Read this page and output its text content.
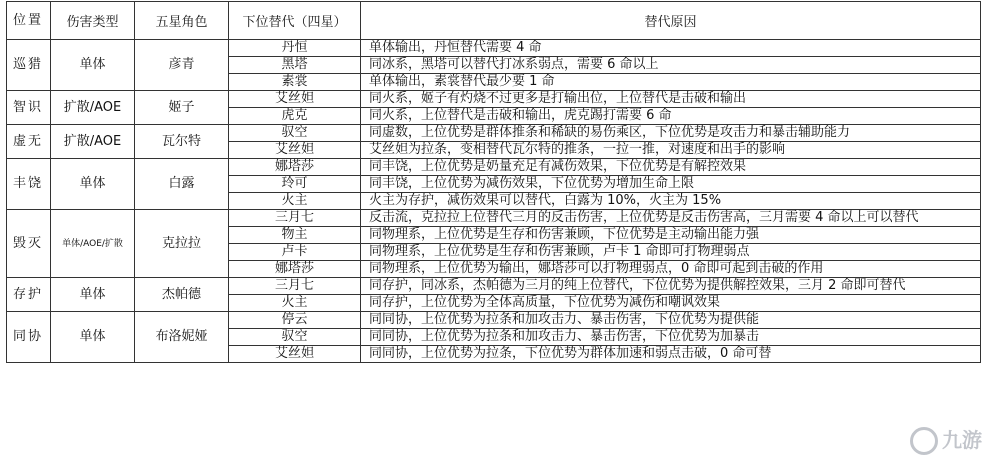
位置	伤害类型	五星角色	下位替代（四星）	替代原因
巡猎	单体	彦青	丹恒	单体输出，丹恒替代需要 4 命
			黑塔	同冰系，黑塔可以替代打冰系弱点，需要 6 命以上
			素裳	单体输出，素裳替代最少要 1 命
智识	扩散/AOE	姬子	艾丝妲	同火系，姬子有灼烧不过更多是打输出位，上位替代是击破和输出
			虎克	同火系，上位替代是击破和输出，虎克踢打需要 6 命
虚无	扩散/AOE	瓦尔特	驭空	同虚数，上位优势是群体推条和稀缺的易伤乘区，下位优势是攻击力和暴击辅助能力
			艾丝妲	艾丝妲为拉条，变相替代瓦尔特的推条，一拉一推，对速度和出手的影响
丰饶	单体	白露	娜塔莎	同丰饶，上位优势是奶量充足有减伤效果，下位优势是有解控效果
			玲可	同丰饶，上位优势为减伤效果，下位优势为增加生命上限
			火主	火主为存护，减伤效果可以替代，白露为 10%，火主为 15%
毁灭	单体/AOE/扩散	克拉拉	三月七	反击流，克拉拉上位替代三月的反击伤害，上位优势是反击伤害高，三月需要 4 命以上可以替代
			物主	同物理系，上位优势是生存和伤害兼顾，下位优势是主动输出能力强
			卢卡	同物理系，上位优势是生存和伤害兼顾，卢卡 1 命即可打物理弱点
			娜塔莎	同物理系，上位优势为输出，娜塔莎可以打物理弱点，0 命即可起到击破的作用
存护	单体	杰帕德	三月七	同存护，同冰系，杰帕德为三月的纯上位替代，下位优势为提供解控效果，三月 2 命即可替代
			火主	同存护，上位优势为全体高质量，下位优势为减伤和嘲讽效果
同协	单体	布洛妮娅	停云	同同协，上位优势为拉条和加攻击力、暴击伤害，下位优势为提供能
			驭空	同同协，上位优势为拉条和加攻击力、暴击伤害，下位优势为加暴击
			艾丝妲	同同协，上位优势为拉条，下位优势为群体加速和弱点击破，0 命可替
九游
